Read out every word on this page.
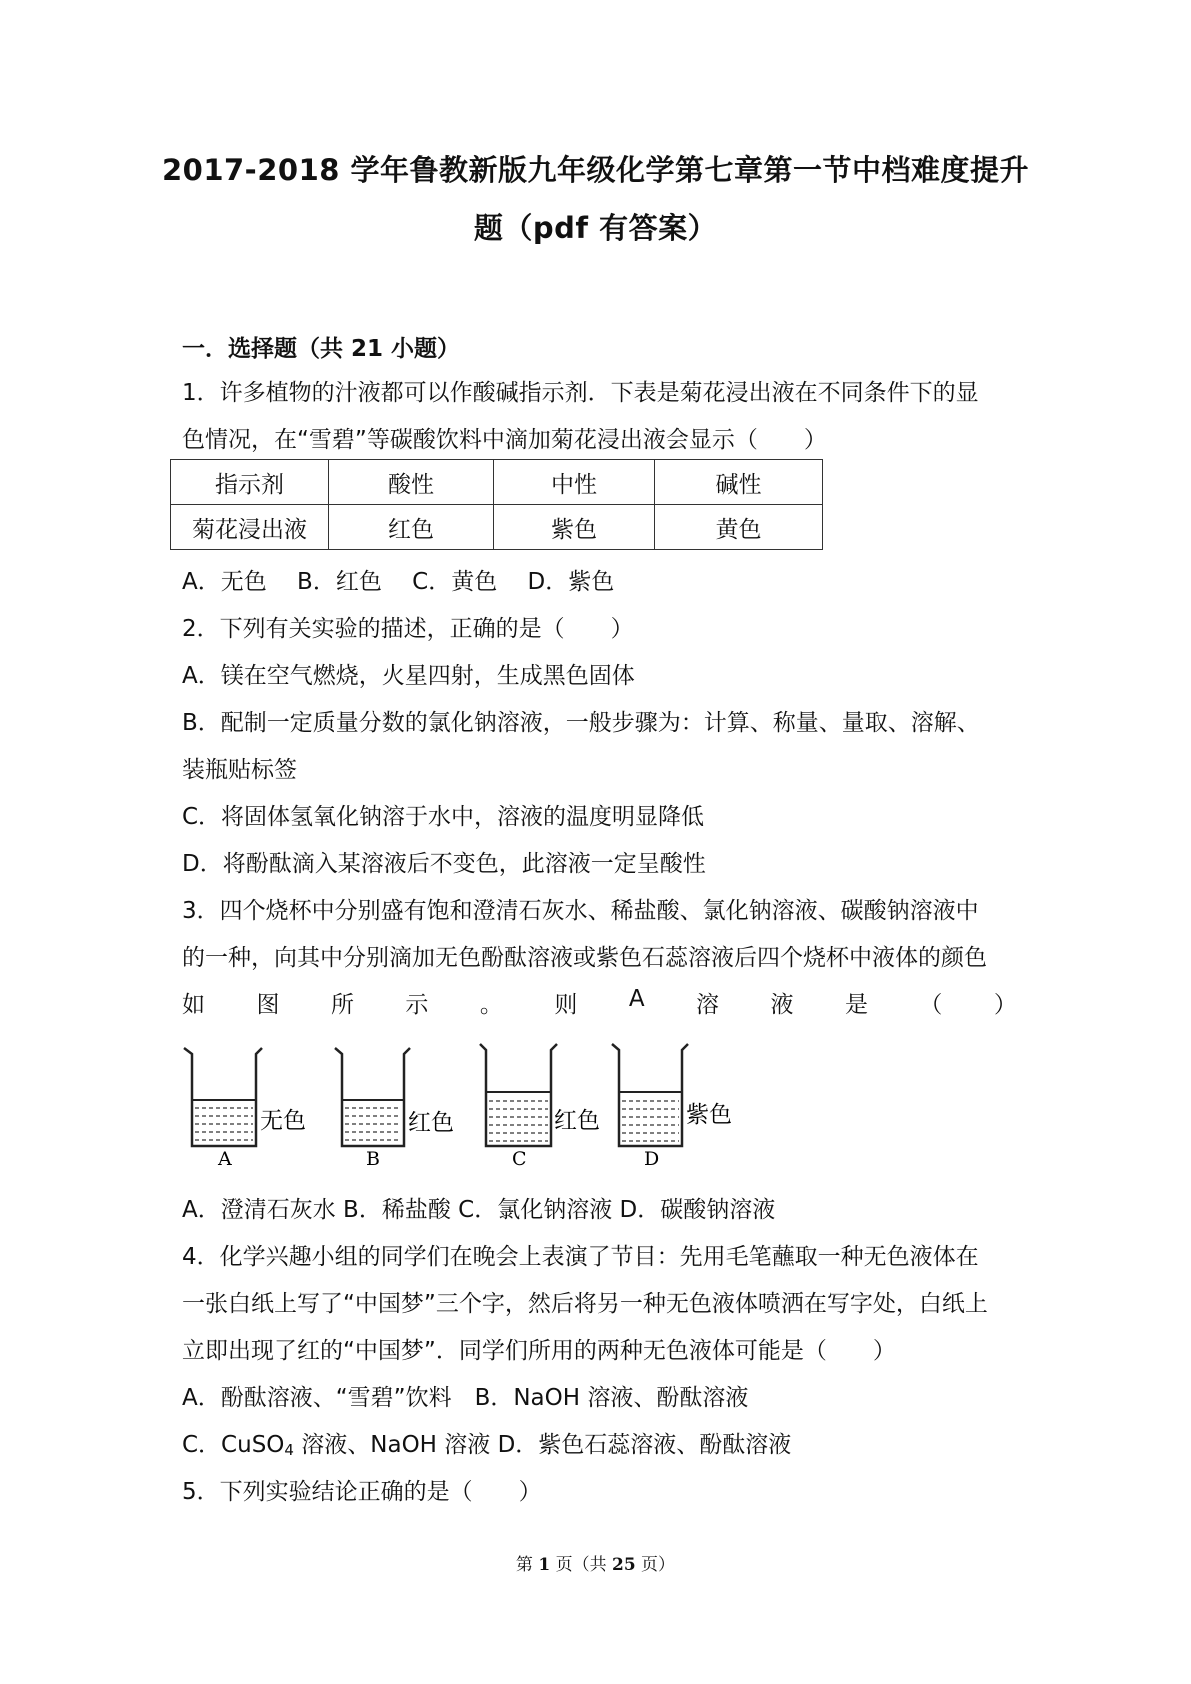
2017-2018 学年鲁教新版九年级化学第七章第一节中档难度提升
题（pdf 有答案）
一．选择题（共 21 小题）
1．许多植物的汁液都可以作酸碱指示剂．下表是菊花浸出液在不同条件下的显
色情况，在“雪碧”等碳酸饮料中滴加菊花浸出液会显示（　　）
指示剂	酸性	中性	碱性
菊花浸出液	红色	紫色	黄色
A．无色　 B．红色　 C．黄色　 D．紫色
2．下列有关实验的描述，正确的是（　　）
A．镁在空气燃烧，火星四射，生成黑色固体
B．配制一定质量分数的氯化钠溶液，一般步骤为：计算、称量、量取、溶解、
装瓶贴标签
C．将固体氢氧化钠溶于水中，溶液的温度明显降低
D．将酚酞滴入某溶液后不变色，此溶液一定呈酸性
3．四个烧杯中分别盛有饱和澄清石灰水、稀盐酸、氯化钠溶液、碳酸钠溶液中
的一种，向其中分别滴加无色酚酞溶液或紫色石蕊溶液后四个烧杯中液体的颜色
如 图 所 示 。 则 A 溶 液 是 （ ）
无色
A
红色
B
红色
C
紫色
D
A．澄清石灰水 B．稀盐酸 C．氯化钠溶液 D．碳酸钠溶液
4．化学兴趣小组的同学们在晚会上表演了节目：先用毛笔蘸取一种无色液体在
一张白纸上写了“中国梦”三个字，然后将另一种无色液体喷洒在写字处，白纸上
立即出现了红的“中国梦”．同学们所用的两种无色液体可能是（　　）
A．酚酞溶液、“雪碧”饮料　B．NaOH 溶液、酚酞溶液
C．CuSO$_4$ 溶液、NaOH 溶液 D．紫色石蕊溶液、酚酞溶液
5．下列实验结论正确的是（　　）
第 1 页（共 25 页）
